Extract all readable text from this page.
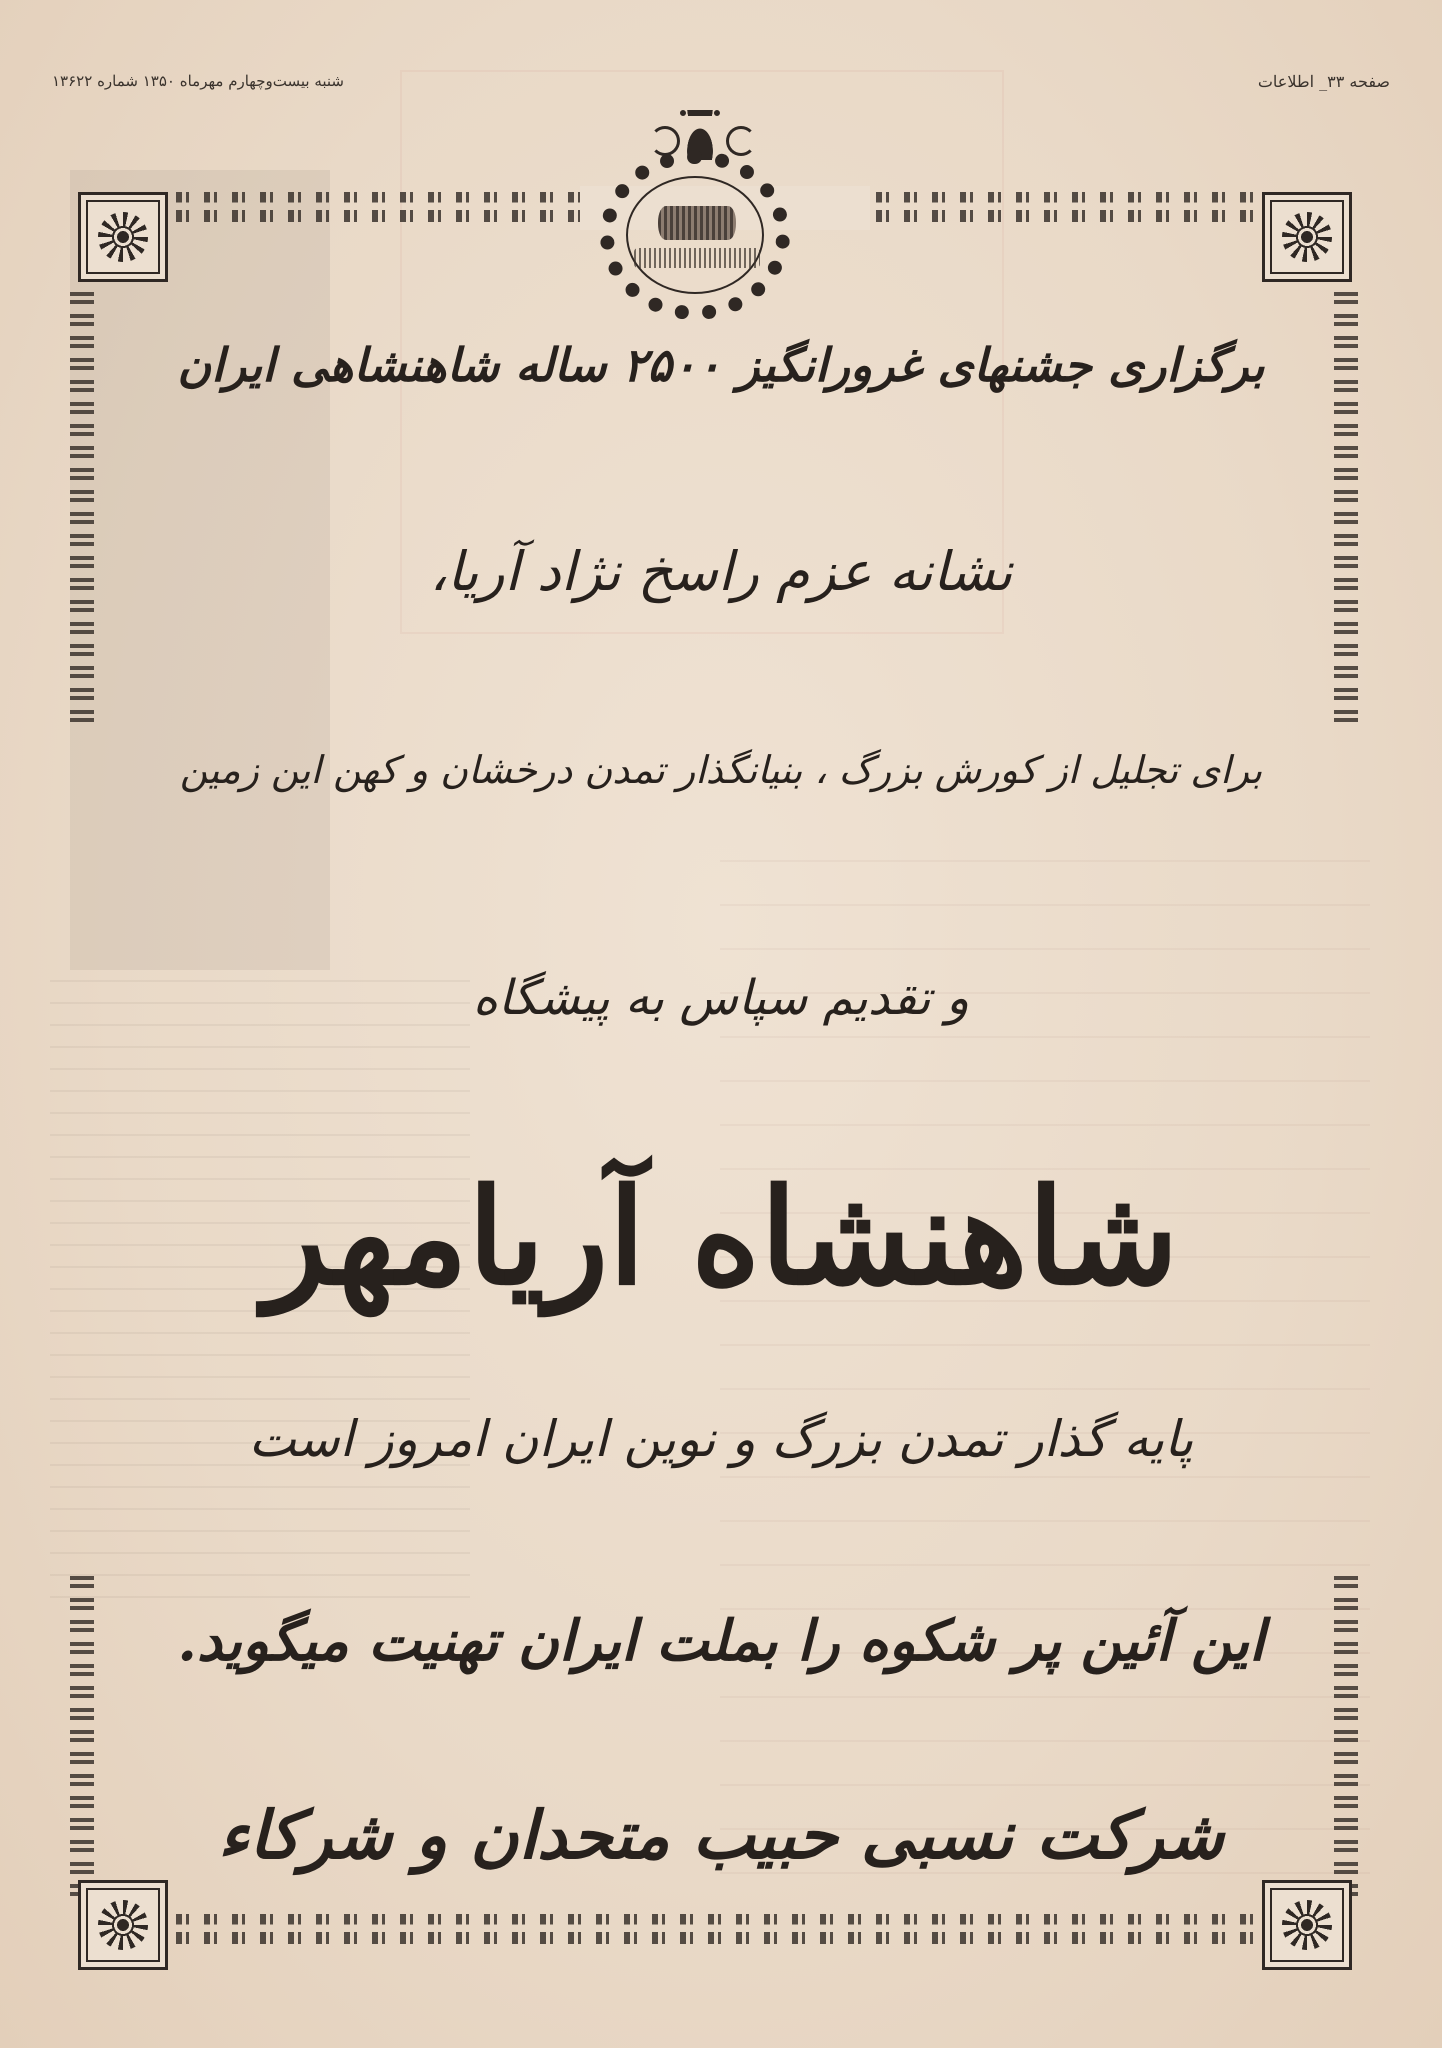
شنبه بیست‌وچهارم مهرماه ۱۳۵۰ شماره ۱۳۶۲۲	صفحه ۳۳_ اطلاعات
برگزاری جشنهای غرورانگیز ۲۵۰۰ ساله شاهنشاهی ایران
نشانه عزم راسخ نژاد آریا،
برای تجلیل از کورش بزرگ ، بنیانگذار تمدن درخشان و کهن این زمین
و تقدیم سپاس به پیشگاه
شاهنشاه آریامهر
پایه گذار تمدن بزرگ و نوین ایران امروز است
این آئین پر شکوه را بملت ایران تهنیت میگوید.
شرکت نسبی حبیب متحدان و شرکاء
